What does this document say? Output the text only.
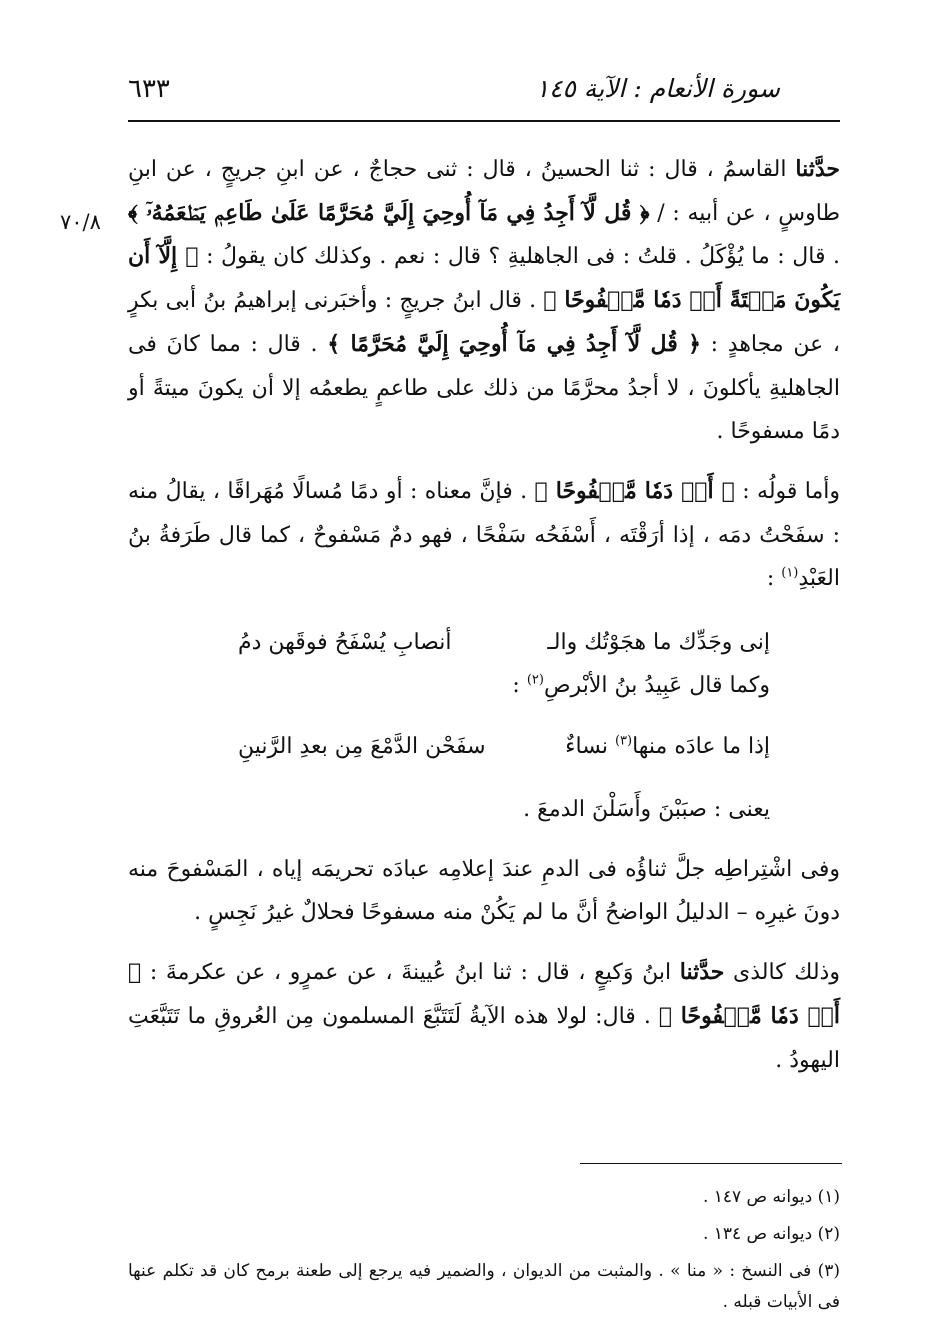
٦٣٣	سورة الأنعام : الآية ١٤٥
٧٠/٨

حدَّثنا القاسمُ ، قال : ثنا الحسينُ ، قال : ثنى حجاجٌ ، عن ابنِ جريجٍ ، عن ابنِ طاوسٍ ، عن أبيه : / ﴿ قُل لَّآ أَجِدُ فِي مَآ أُوحِيَ إِلَيَّ مُحَرَّمًا عَلَىٰ طَاعِمٖ يَطۡعَمُهُۥٓ ﴾ . قال : ما يُؤْكَلُ . قلتُ : فى الجاهليةِ ؟ قال : نعم . وكذلك كان يقولُ : ﴿ إِلَّآ أَن يَكُونَ مَيۡتَةً أَوۡ دَمٗا مَّسۡفُوحًا ﴾ . قال ابنُ جريجٍ : وأخبَرنى إبراهيمُ بنُ أبى بكرٍ ، عن مجاهدٍ : ﴿ قُل لَّآ أَجِدُ فِي مَآ أُوحِيَ إِلَيَّ مُحَرَّمًا ﴾ . قال : مما كانَ فى الجاهليةِ يأكلونَ ، لا أجدُ محرَّمًا من ذلك على طاعمٍ يطعمُه إلا أن يكونَ ميتةً أو دمًا مسفوحًا .

وأما قولُه : ﴿ أَوۡ دَمٗا مَّسۡفُوحًا ﴾ . فإنَّ معناه : أو دمًا مُسالًا مُهَراقًا ، يقالُ منه : سفَحْتُ دمَه ، إذا أرَقْتَه ، أَسْفَحُه سَفْحًا ، فهو دمٌ مَسْفوحٌ ، كما قال طَرَفةُ بنُ العَبْدِ$^{(١)}$ :

إنى وجَدِّك ما هجَوْتُك والـ
أنصابِ يُسْفَحُ فوقَهن دمُ
وكما قال عَبِيدُ بنُ الأبْرصِ$^{(٢)}$ :
إذا ما عادَه منها$^{(٣)}$ نساءٌ
سفَحْن الدَّمْعَ مِن بعدِ الرَّنينِ

يعنى : صبَبْنَ وأَسَلْنَ الدمعَ .

وفى اشْتِراطِه جلَّ ثناؤُه فى الدمِ عندَ إعلامِه عبادَه تحريمَه إياه ، المَسْفوحَ منه دونَ غيرِه – الدليلُ الواضحُ أنَّ ما لم يَكُنْ منه مسفوحًا فحلالٌ غيرُ نَجِسٍ .

وذلك كالذى حدَّثنا ابنُ وَكيعٍ ، قال : ثنا ابنُ عُيينةَ ، عن عمرٍو ، عن عكرمةَ : ﴿ أَوۡ دَمٗا مَّسۡفُوحًا ﴾ . قال: لولا هذه الآيةُ لَتَتَبَّعَ المسلمون مِن العُروقِ ما تَتَبَّعَتِ اليهودُ .

(١) ديوانه ص ١٤٧ .

(٢) ديوانه ص ١٣٤ .

(٣) فى النسخ : « منا » . والمثبت من الديوان ، والضمير فيه يرجع إلى طعنة برمح كان قد تكلم عنها فى الأبيات قبله .
